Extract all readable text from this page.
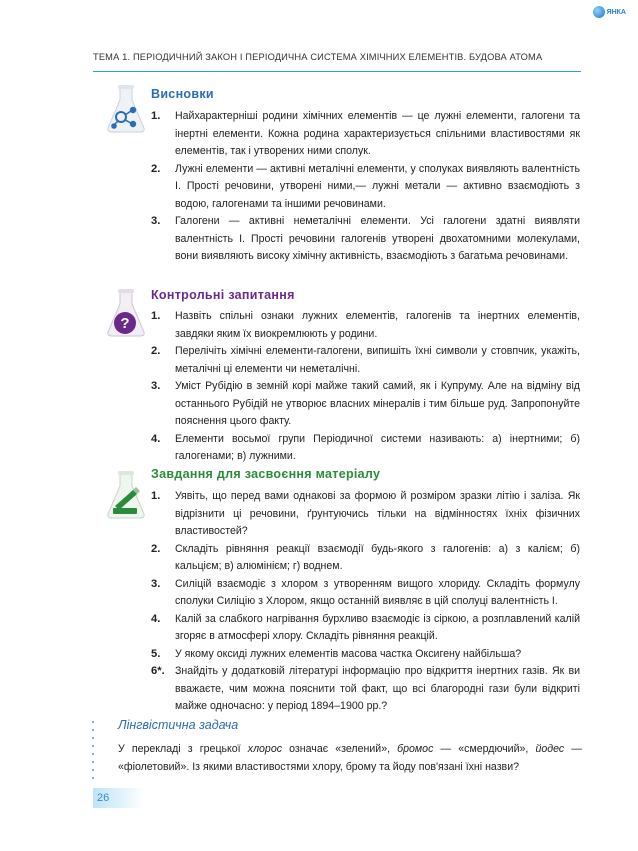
ЯНКА
ТЕМА 1. ПЕРІОДИЧНИЙ ЗАКОН І ПЕРІОДИЧНА СИСТЕМА ХІМІЧНИХ ЕЛЕМЕНТІВ. БУДОВА АТОМА
Висновки
1.	Найхарактерніші родини хімічних елементів — це лужні елементи, галогени та інертні елементи. Кожна родина характеризується спільними властивостями як елементів, так і утворених ними сполук.
2.	Лужні елементи — активні металічні елементи, у сполуках виявляють валентність I. Прості речовини, утворені ними,— лужні метали — активно взаємодіють з водою, галогенами та іншими речовинами.
3.	Галогени — активні неметалічні елементи. Усі галогени здатні виявляти валентність I. Прості речовини галогенів утворені двохатомними молекулами, вони виявляють високу хімічну активність, взаємодіють з багатьма речовинами.
?
Контрольні запитання
1.	Назвіть спільні ознаки лужних елементів, галогенів та інертних елементів, завдяки яким їх виокремлюють у родини.
2.	Перелічіть хімічні елементи-галогени, випишіть їхні символи у стовпчик, укажіть, металічні ці елементи чи неметалічні.
3.	Уміст Рубідію в земній корі майже такий самий, як і Купруму. Але на відміну від останнього Рубідій не утворює власних мінералів і тим більше руд. Запропонуйте пояснення цього факту.
4.	Елементи восьмої групи Періодичної системи називають: а) інертними; б) галогенами; в) лужними.
Завдання для засвоєння матеріалу
1.	Уявіть, що перед вами однакові за формою й розміром зразки літію і заліза. Як відрізнити ці речовини, ґрунтуючись тільки на відмінностях їхніх фізичних властивостей?
2.	Складіть рівняння реакції взаємодії будь-якого з галогенів: а) з калієм; б) кальцієм; в) алюмінієм; г) воднем.
3.	Силіцій взаємодіє з хлором з утворенням вищого хлориду. Складіть формулу сполуки Силіцію з Хлором, якщо останній виявляє в цій сполуці валентність I.
4.	Калій за слабкого нагрівання бурхливо взаємодіє із сіркою, а розплавлений калій згоряє в атмосфері хлору. Складіть рівняння реакцій.
5.	У якому оксиді лужних елементів масова частка Оксигену найбільша?
6*. Знайдіть у додатковій літературі інформацію про відкриття інертних газів. Як ви вважаєте, чим можна пояснити той факт, що всі благородні гази були відкриті майже одночасно: у період 1894–1900 рр.?
Лінгвістична задача
У перекладі з грецької хлорос означає «зелений», бромос — «смердючий», йодес — «фіолетовий». Із якими властивостями хлору, брому та йоду пов'язані їхні назви?
26
